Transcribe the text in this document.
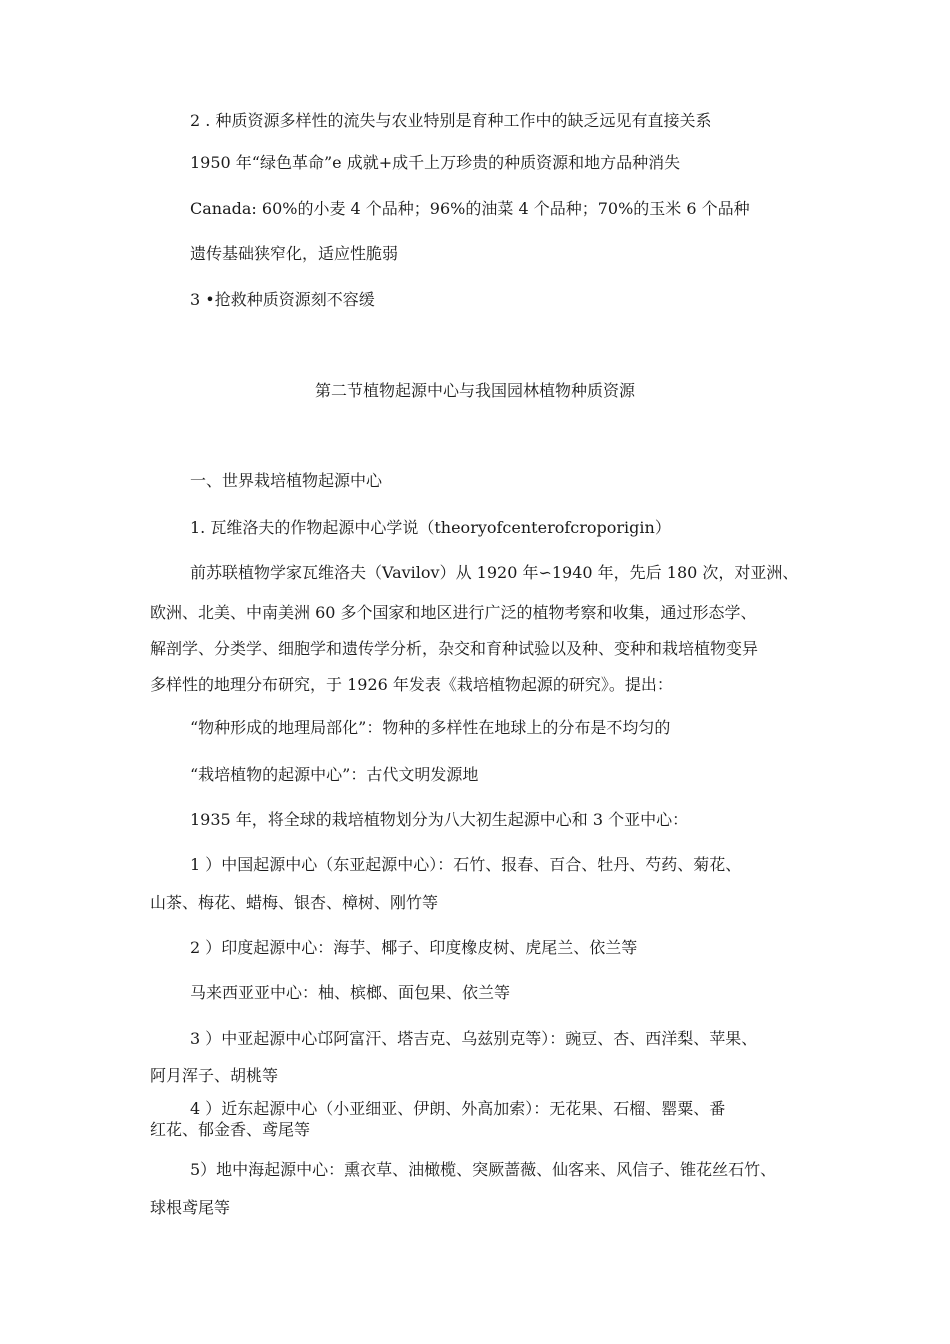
2 . 种质资源多样性的流失与农业特别是育种工作中的缺乏远见有直接关系
1950 年“绿色革命”e 成就+成千上万珍贵的种质资源和地方品种消失
Canada: 60%的小麦 4 个品种；96%的油菜 4 个品种；70%的玉米 6 个品种
遗传基础狭窄化，适应性脆弱
3 •抢救种质资源刻不容缓
第二节植物起源中心与我国园林植物种质资源
一、世界栽培植物起源中心
1. 瓦维洛夫的作物起源中心学说（theoryofcenterofcroporigin）
前苏联植物学家瓦维洛夫（Vavilov）从 1920 年∽1940 年，先后 180 次，对亚洲、
欧洲、北美、中南美洲 60 多个国家和地区进行广泛的植物考察和收集，通过形态学、
解剖学、分类学、细胞学和遗传学分析，杂交和育种试验以及种、变种和栽培植物变异
多样性的地理分布研究，于 1926 年发表《栽培植物起源的研究》。提出：
“物种形成的地理局部化”：物种的多样性在地球上的分布是不均匀的
“栽培植物的起源中心”：古代文明发源地
1935 年，将全球的栽培植物划分为八大初生起源中心和 3 个亚中心：
1 ）中国起源中心（东亚起源中心）：石竹、报春、百合、牡丹、芍药、菊花、
山茶、梅花、蜡梅、银杏、樟树、刚竹等
2 ）印度起源中心：海芋、椰子、印度橡皮树、虎尾兰、依兰等
马来西亚亚中心：柚、槟榔、面包果、依兰等
3 ）中亚起源中心邙阿富汗、塔吉克、乌兹别克等）：豌豆、杏、西洋梨、苹果、
阿月浑子、胡桃等
4 ）近东起源中心（小亚细亚、伊朗、外高加索）：无花果、石榴、罂粟、番
红花、郁金香、鸢尾等
5）地中海起源中心：熏衣草、油橄榄、突厥蔷薇、仙客来、风信子、锥花丝石竹、
球根鸢尾等
